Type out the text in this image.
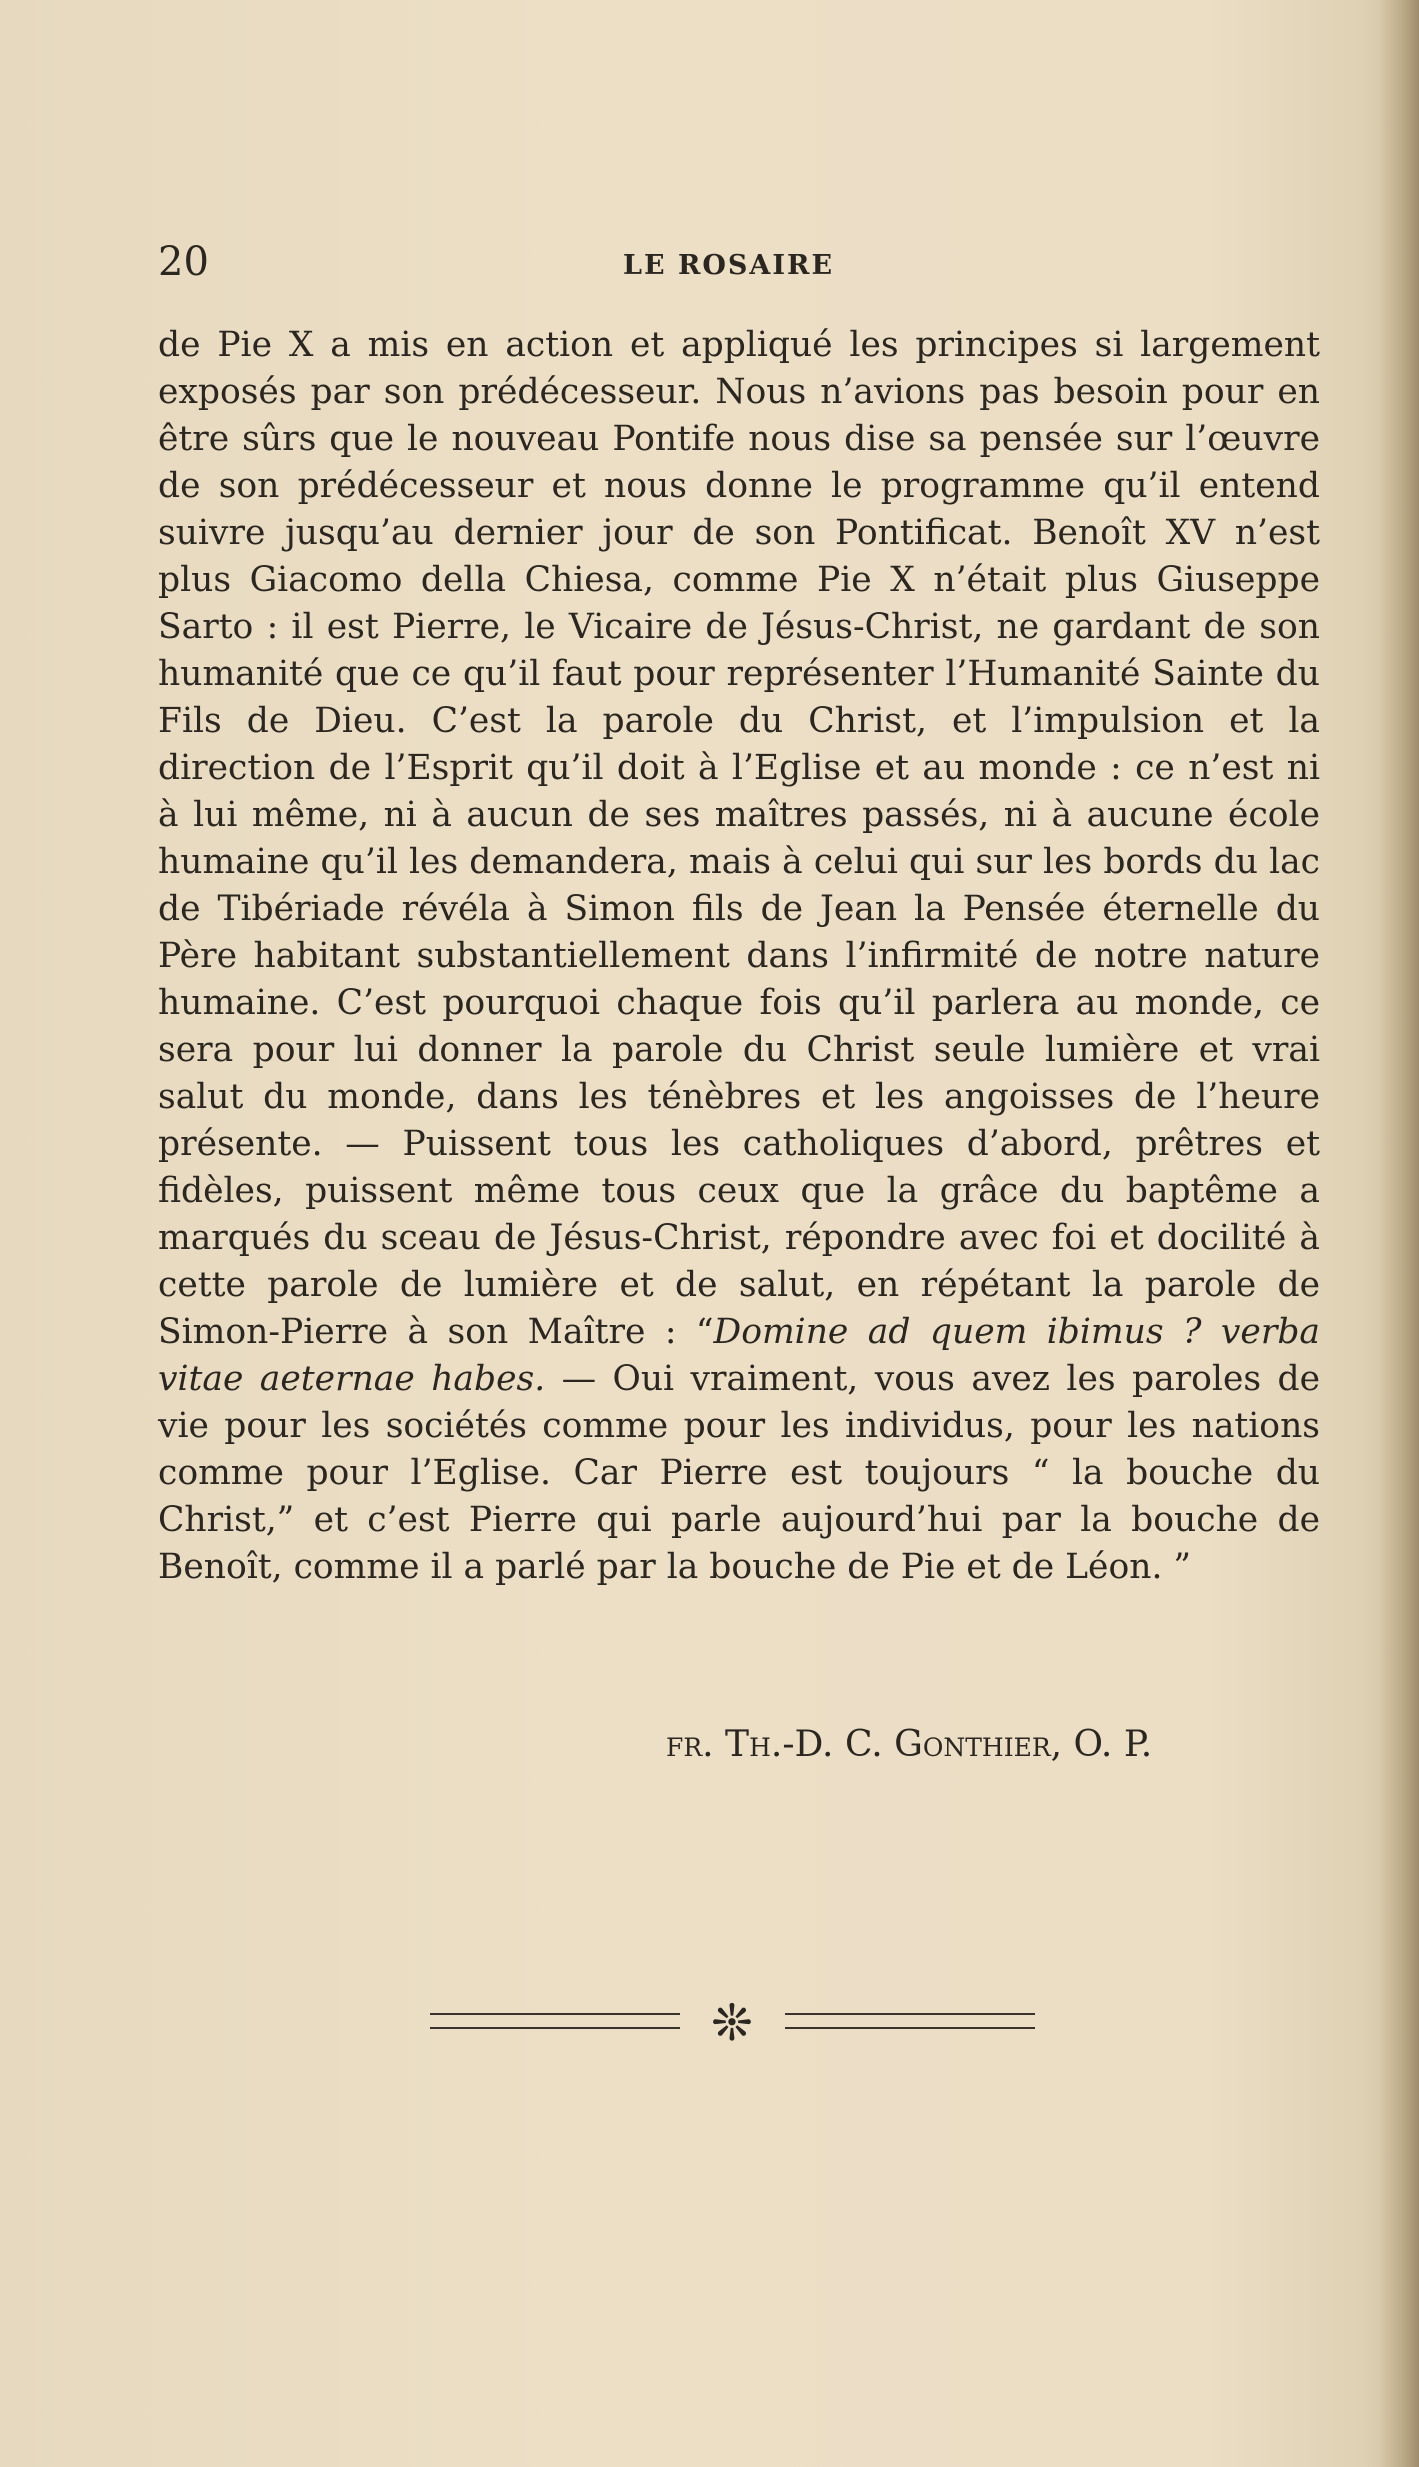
20	LE ROSAIRE

de Pie X a mis en action et appliqué les principes si largement exposés par son prédécesseur. Nous n’avions pas besoin pour en être sûrs que le nouveau Pontife nous dise sa pensée sur l’œuvre de son prédécesseur et nous donne le programme qu’il entend suivre jusqu’au dernier jour de son Pontificat. Benoît XV n’est plus Giacomo della Chiesa, comme Pie X n’était plus Giuseppe Sarto : il est Pierre, le Vicaire de Jésus-Christ, ne gardant de son humanité que ce qu’il faut pour représenter l’Humanité Sainte du Fils de Dieu. C’est la parole du Christ, et l’impulsion et la direction de l’Esprit qu’il doit à l’Eglise et au monde : ce n’est ni à lui même, ni à aucun de ses maîtres passés, ni à aucune école humaine qu’il les demandera, mais à celui qui sur les bords du lac de Tibériade révéla à Simon fils de Jean la Pensée éternelle du Père habitant substantiellement dans l’infirmité de notre nature humaine. C’est pourquoi chaque fois qu’il parlera au monde, ce sera pour lui donner la parole du Christ seule lumière et vrai salut du monde, dans les ténèbres et les angoisses de l’heure présente. — Puissent tous les catholiques d’abord, prêtres et fidèles, puissent même tous ceux que la grâce du baptême a marqués du sceau de Jésus-Christ, répondre avec foi et docilité à cette parole de lumière et de salut, en répétant la parole de Simon-Pierre à son Maître : “Domine ad quem ibimus ? verba vitae aeternae habes. — Oui vraiment, vous avez les paroles de vie pour les sociétés comme pour les individus, pour les nations comme pour l’Eglise. Car Pierre est toujours “ la bouche du Christ,” et c’est Pierre qui parle aujourd’hui par la bouche de Benoît, comme il a parlé par la bouche de Pie et de Léon. ”

fr. Th.-D. C. Gonthier, O. P.
❊
